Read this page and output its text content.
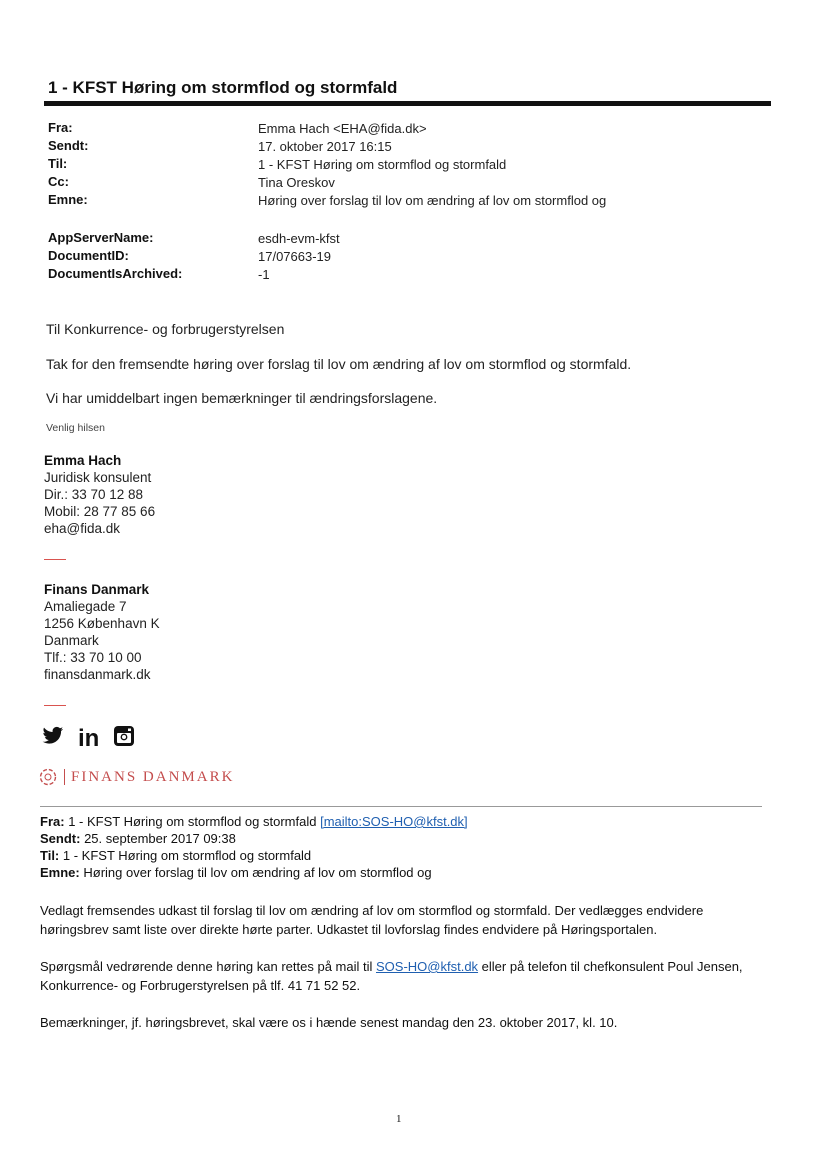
1 - KFST Høring om stormflod og stormfald
Fra:
Sendt:
Til:
Cc:
Emne:
Emma Hach <EHA@fida.dk>
17. oktober 2017 16:15
1 - KFST Høring om stormflod og stormfald
Tina Oreskov
Høring over forslag til lov om ændring af lov om stormflod og
AppServerName:
DocumentID:
DocumentIsArchived:
esdh-evm-kfst
17/07663-19
-1
Til Konkurrence- og forbrugerstyrelsen
Tak for den fremsendte høring over forslag til lov om ændring af lov om stormflod og stormfald.
Vi har umiddelbart ingen bemærkninger til ændringsforslagene.
Venlig hilsen
Emma Hach
Juridisk konsulent
Dir.: 33 70 12 88
Mobil: 28 77 85 66
eha@fida.dk
Finans Danmark
Amaliegade 7
1256 København K
Danmark
Tlf.: 33 70 10 00
finansdanmark.dk
in
FINANS DANMARK
Fra: 1 - KFST Høring om stormflod og stormfald [mailto:SOS-HO@kfst.dk]
Sendt: 25. september 2017 09:38
Til: 1 - KFST Høring om stormflod og stormfald
Emne: Høring over forslag til lov om ændring af lov om stormflod og
Vedlagt fremsendes udkast til forslag til lov om ændring af lov om stormflod og stormfald. Der vedlægges endvidere høringsbrev samt liste over direkte hørte parter. Udkastet til lovforslag findes endvidere på Høringsportalen.
Spørgsmål vedrørende denne høring kan rettes på mail til SOS-HO@kfst.dk eller på telefon til chefkonsulent Poul Jensen, Konkurrence- og Forbrugerstyrelsen på tlf. 41 71 52 52.
Bemærkninger, jf. høringsbrevet, skal være os i hænde senest mandag den 23. oktober 2017, kl. 10.
1
